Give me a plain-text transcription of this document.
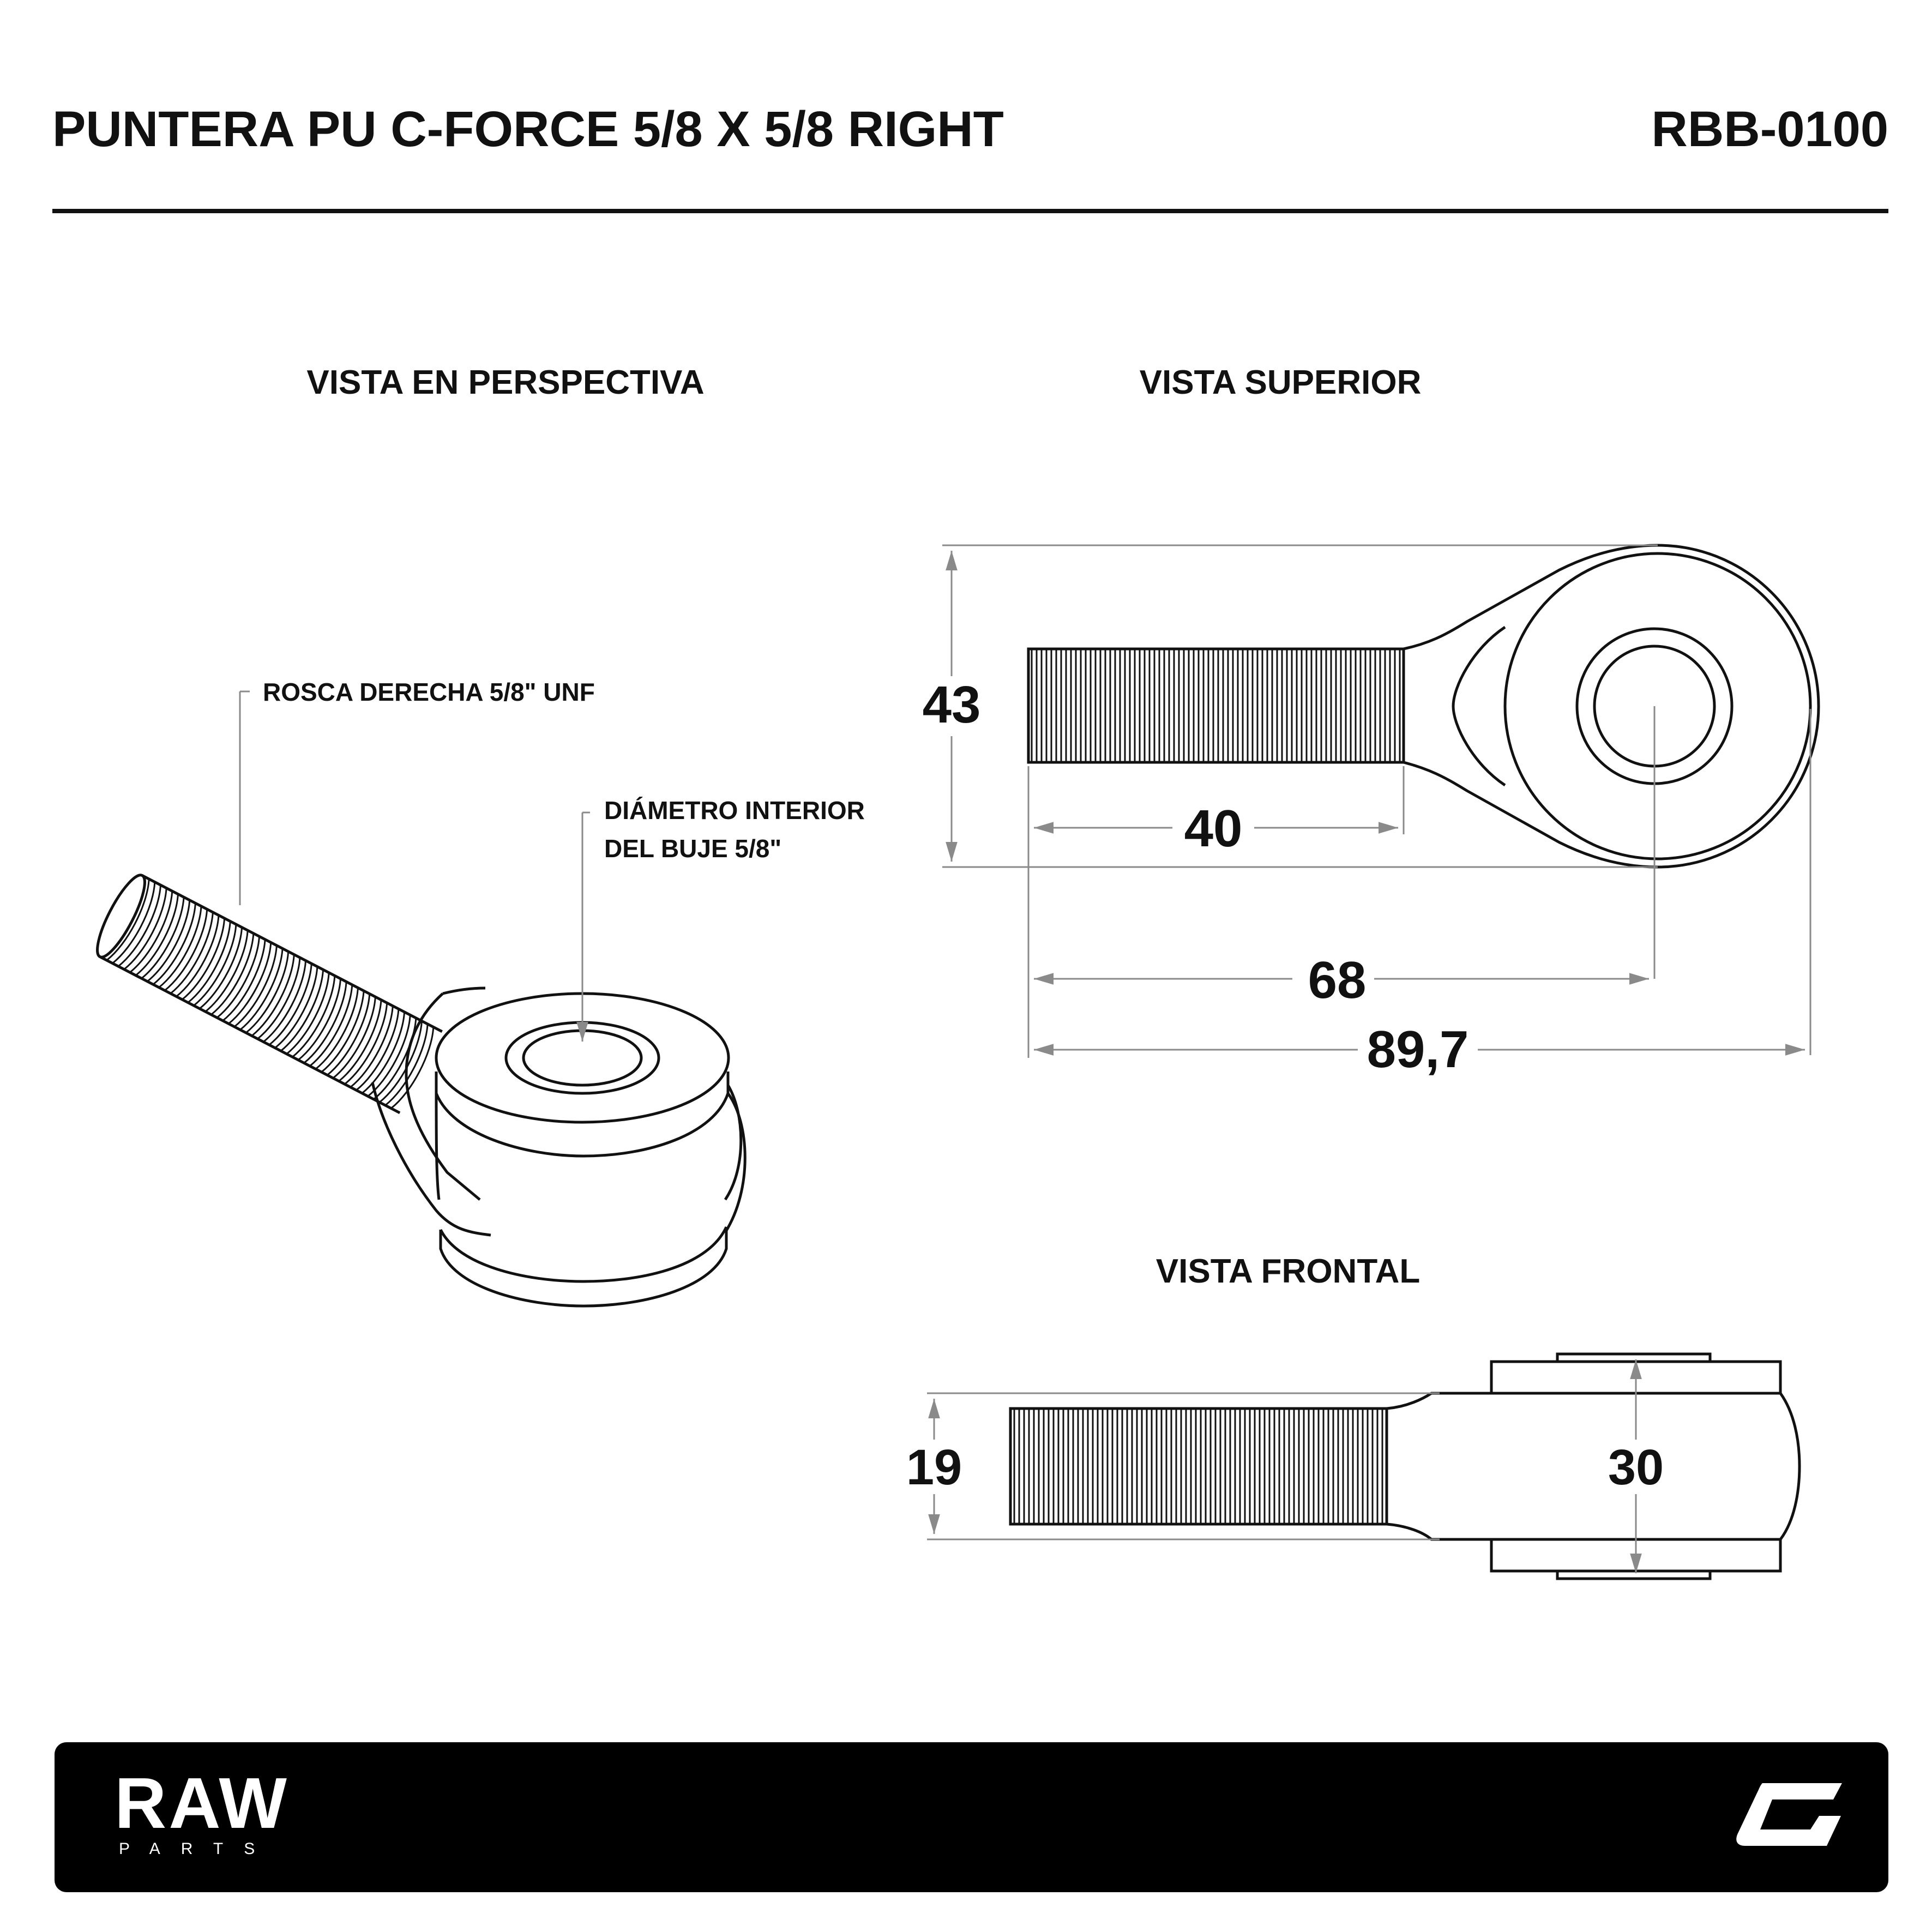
PUNTERA PU C-FORCE 5/8 X 5/8 RIGHT	RBB-0100
VISTA EN PERSPECTIVA	VISTA SUPERIOR
VISTA FRONTAL
ROSCA DERECHA 5/8" UNF
DIÁMETRO INTERIOR
DEL BUJE 5/8"
43
40
68
89,7
19	30
RAW
PARTS
